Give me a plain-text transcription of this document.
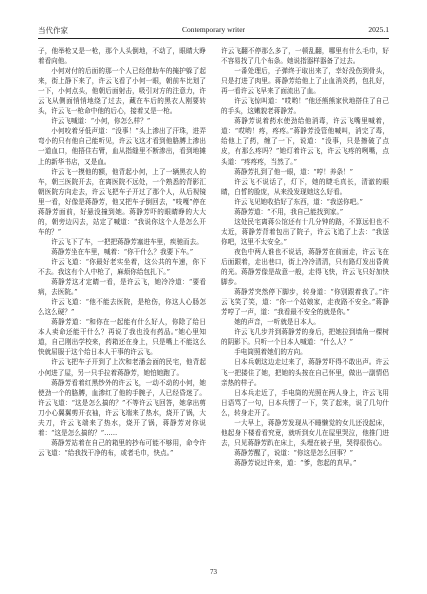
当代作家	Contemporary writer	2025.1

子，他举枪又是一枪，那个人头倒地，不动了，眼睛大睁着看向他。

小何对付的后面的那一个人已经借助车的掩护躲了起来，街上静下来了，许云飞看了小何一眼，朝前车比划了一下，小何点头，他朝后面射击，吸引对方的注意力，许云飞从侧面悄悄地绕了过去，藏在车后的黑衣人刚要转头，许云飞一枪命中他的后心，接着又是一枪。

许云飞喊道：“小何，你怎么样？”

小何咬着牙低声道：“没事！”头上渗出了汗珠，进弄弯小的只有他自己能听见，许云飞这才看到他胳膊上渗出一道血口，他捂住右臂，血从指缝里不断渗出，看到地摊上的新华书店，又是血。

许云飞一摸他的额，他背起小何，上了一辆黑衣人的车，朝三医院开去，在离医院不远处，一个熟悉的背影汇朝医院方向走去，许云飞把车子开过了那个人，从后视镜里一看，好像是蒋静芳，他又把车子倒回去，“吱嘎”停在蒋静芳面前，好悬没撞到她。蒋静芳吓的眼睛睁的大大的，朝旁边闪去，站定了喊道：“我说你这个人是怎么开车的？”

许云飞下了车，一把把蒋静芳塞进车里，疾驰而去。

蒋静芳坐在车里，喊着：“你干什么？我要下车。”

许云飞道：“你最好老实坐着，这公共的车速，你下不去。我这有个人中枪了，麻烦你给包扎下。”

蒋静芳这才定睛一看，是许云飞，她冷冷道：“要看病，去医院。”

许云飞道：“他不能去医院，是枪伤，你这人心肠怎么这么硬？”

蒋静芳道：“和你在一起能有什么好人，你除了给日本人卖命还能干什么？再说了我也没有药品。”她心里知道，自己刚出学校来，药箱还在身上，只是嘴上不能这么快就屈服于这个给日本人干事的许云飞。

许云飞把车子开到了上次和老潘会面的民宅，他背起小何进了屋，另一只手拉着蒋静芳，她怕她跑了。

蒋静芳看着红黑纱外的许云飞，一动不动的小何，她使劲一个的胳膊，血渗红了他的手腕子，人已经昏迷了。许云飞道：“这是怎么搞的？”不等许云飞回答，她拿出剪刀小心翼翼剪开衣袖，许云飞端来了热水，烧开了锅，大夫刀，许云飞端来了热水，烧开了锅，蒋静芳对你说着：“这是怎么搞的？”……

蒋静芳站着在自己的箱里的抄布可能不够用，命令许云飞道：“给我找干净的布，或者毛巾，快点。”

许云飞翻不停那么多了，一顿乱翻，哪里有什么毛巾，好不容易找了几个布条。她说指器样器备了过去。

一番处理后，子弹终于取出来了，幸好没伤到骨头，只是打进了肉里。蒋静芳给他上了止血消炎药，包扎好，再一看许云飞早来了面流出了血。

许云飞惊叫道：“哎哟！”他还熊熊家伙地搭住了自己的手头，这嫩貌老蒋静芳。

蒋静芳说着药水使劲给他消毒，许云飞嘴里喊着，道：“哎哟！疼，疼疼。”蒋静芳没管他喊叫，消完了毒，给他上了药，缠了一下，说道：“没事，只是擦破了点皮，有那么疼吗？”她灯着许云飞，许云飞疼的咧嘴，点头道：“疼疼疼，当然了。”

蒋静芳扎到了他一眼，道：“哼！养条！”

许云飞不说话了，灯下，她的睫毛真长，清澈的眼睛，白皙的脸庞，从来没发现她这么好看。

许云飞见她收拾好了东西，道：“我送你吧。”

蒋静芳道：“不用，我自己能找到家。”

这处民宅离蒋公馆还有十几分钟的路，不算远但也不太近，蒋静芳背着包出了院子，许云飞追了上去：“我送你吧，这里不太安全。”

夜色中两人谁也不说话，蒋静芳在前面走，许云飞在后面跟着，走出巷口，街上冷冷清清，只有路灯发出昏黄的光。蒋静芳像是故意一般，走得飞快，许云飞只好加快脚步。

蒋静芳突然停下脚步，转身道：“你别跟着我了。”许云飞笑了笑，道：“你一个姑娘家，走夜路不安全。”蒋静芳哼了一声，道：“我看最不安全的就是你。”

她的声音，一听就是日本人。

许云飞几步并到蒋静芳的身后，把她拉到墙角一棵树的阴影下。只听一个日本人喊道：“什么人？”

手电筒照着她们的方向。

日本兵朝这边走过来了，蒋静芳吓得不敢出声。许云飞一把搂住了她，把她的头按在自己怀里，做出一副情侣亲热的样子。

日本兵走近了，手电筒的光照在两人身上，许云飞用日语骂了一句，日本兵愣了一下，笑了起来，说了几句什么，转身走开了。

一大早上，蒋静芳发现从不睡懒觉的女儿还没起床，他起身下楼看看究竟，就听到女儿在屋里哭泣，他推门进去，只见蒋静芳趴在床上，头埋在被子里，哭得很伤心。

蒋静芳醒了，说道：“你这是怎么回事？”

蒋静芳说过许来，道：“爹，您起的真早。”

73
